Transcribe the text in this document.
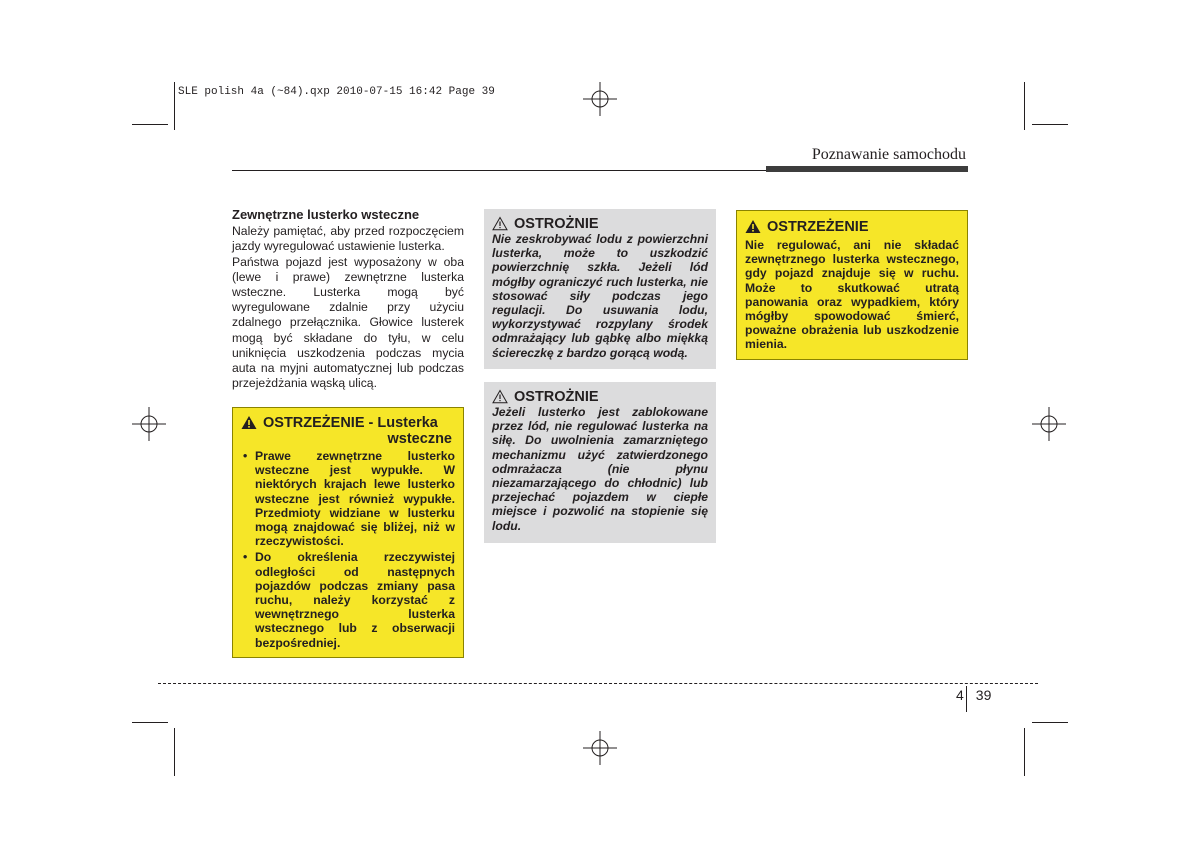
SLE polish 4a (~84).qxp 2010-07-15 16:42 Page 39
Poznawanie samochodu
Zewnętrzne lusterko wsteczne

Należy pamiętać, aby przed rozpoczęciem jazdy wyregulować ustawienie lusterka.

Państwa pojazd jest wyposażony w oba (lewe i prawe) zewnętrzne lusterka wsteczne. Lusterka mogą być wyregulowane zdalnie przy użyciu zdalnego przełącznika. Głowice lusterek mogą być składane do tyłu, w celu uniknięcia uszkodzenia podczas mycia auta na myjni automatycznej lub podczas przejeżdżania wąską ulicą.

OSTRZEŻENIE - Lusterka
wsteczne
• Prawe zewnętrzne lusterko wsteczne jest wypukłe. W niektórych krajach lewe lusterko wsteczne jest również wypukłe. Przedmioty widziane w lusterku mogą znajdować się bliżej, niż w rzeczywistości.
• Do określenia rzeczywistej odległości od następnych pojazdów podczas zmiany pasa ruchu, należy korzystać z wewnętrznego lusterka wstecznego lub z obserwacji bezpośredniej.
OSTROŻNIE
Nie zeskrobywać lodu z powierzchni lusterka, może to uszkodzić powierzchnię szkła. Jeżeli lód mógłby ograniczyć ruch lusterka, nie stosować siły podczas jego regulacji. Do usuwania lodu, wykorzystywać rozpylany środek odmrażający lub gąbkę albo miękką ściereczkę z bardzo gorącą wodą.
OSTROŻNIE
Jeżeli lusterko jest zablokowane przez lód, nie regulować lusterka na siłę. Do uwolnienia zamarzniętego mechanizmu użyć zatwierdzonego odmrażacza (nie płynu niezamarzającego do chłodnic) lub przejechać pojazdem w ciepłe miejsce i pozwolić na stopienie się lodu.
OSTRZEŻENIE
Nie regulować, ani nie składać zewnętrznego lusterka wstecznego, gdy pojazd znajduje się w ruchu. Może to skutkować utratą panowania oraz wypadkiem, który mógłby spowodować śmierć, poważne obrażenia lub uszkodzenie mienia.
4 39
